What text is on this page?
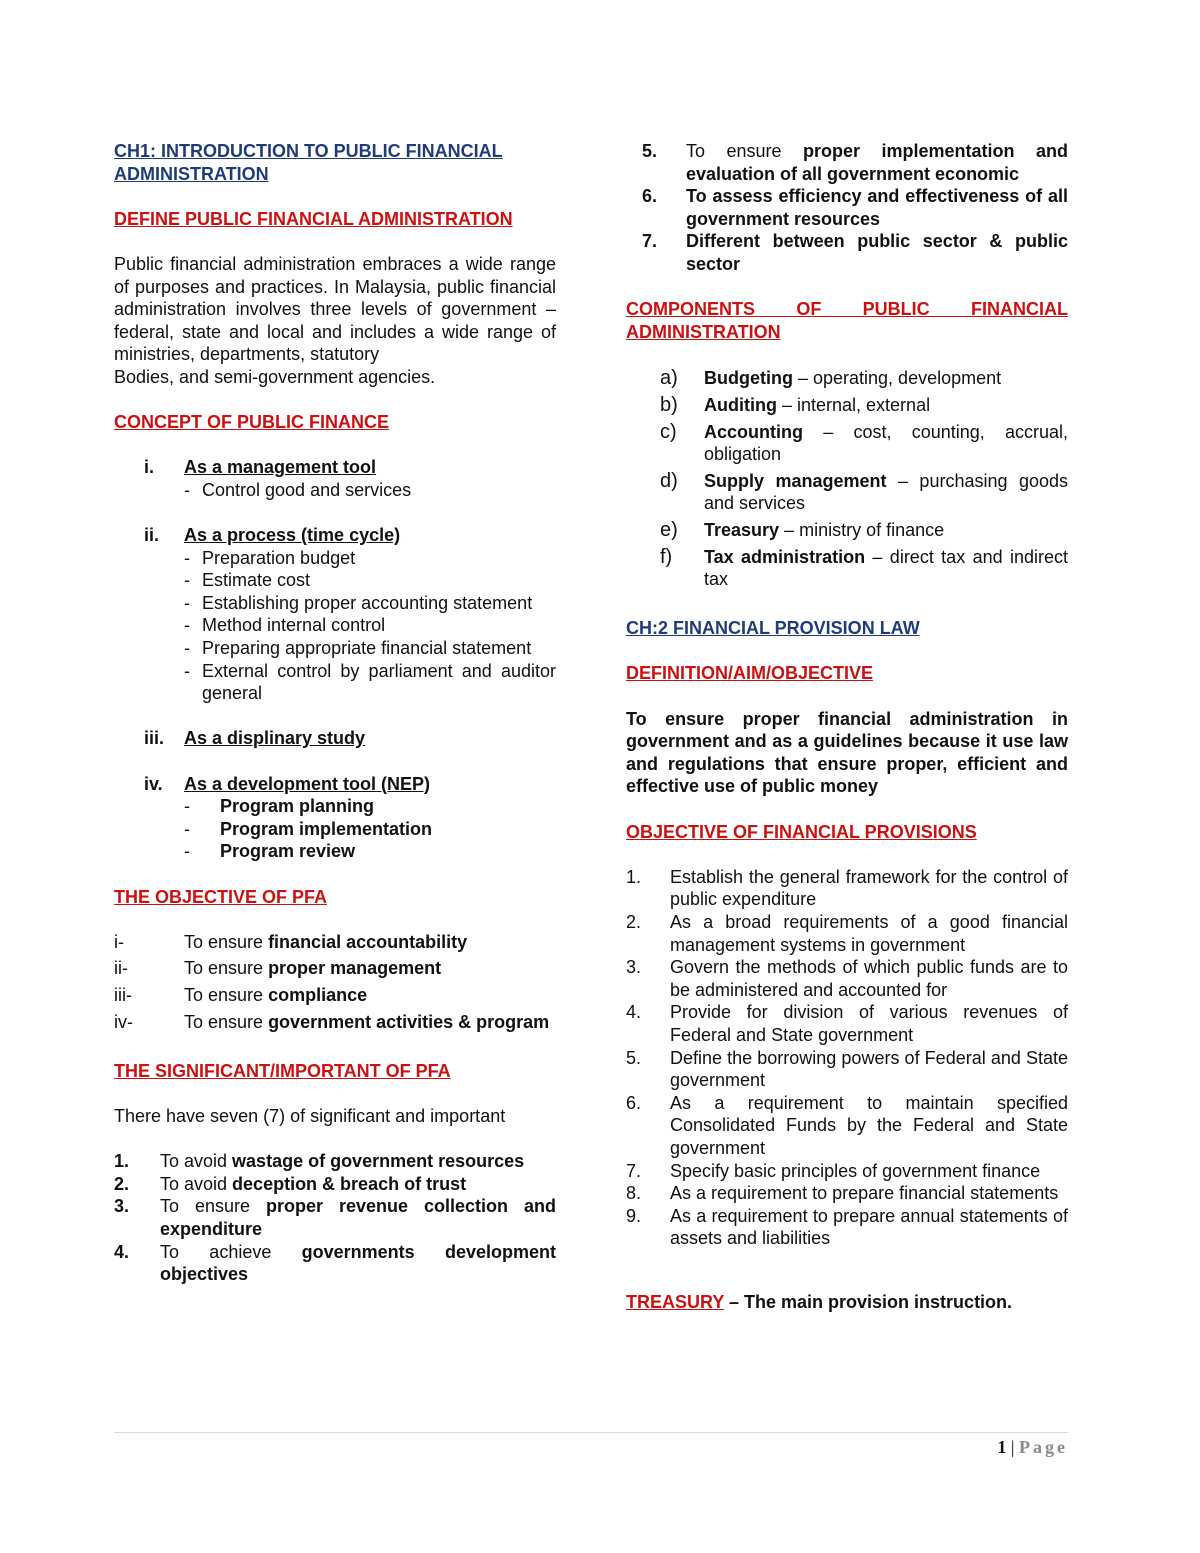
CH1: INTRODUCTION TO PUBLIC FINANCIAL ADMINISTRATION

DEFINE PUBLIC FINANCIAL ADMINISTRATION

Public financial administration embraces a wide range of purposes and practices. In Malaysia, public financial administration involves three levels of government – federal, state and local and includes a wide range of ministries, departments, statutory

Bodies, and semi-government agencies.

CONCEPT OF PUBLIC FINANCE

i.	As a management tool
- Control good and services
ii.	As a process (time cycle)
- Preparation budget
- Estimate cost
- Establishing proper accounting statement
- Method internal control
- Preparing appropriate financial statement
- External control by parliament and auditor general
iii.	As a displinary study
iv.	As a development tool (NEP)
-	Program planning
-	Program implementation
-	Program review

THE OBJECTIVE OF PFA

i-	To ensure financial accountability
ii-	To ensure proper management
iii-	To ensure compliance
iv-	To ensure government activities & program

THE SIGNIFICANT/IMPORTANT OF PFA

There have seven (7) of significant and important

1.	To avoid wastage of government resources
2.	To avoid deception & breach of trust
3.	To ensure proper revenue collection and expenditure
4.	To achieve governments development objectives
5.	To ensure proper implementation and evaluation of all government economic
6.	To assess efficiency and effectiveness of all government resources
7.	Different between public sector & public sector

COMPONENTS OF PUBLIC FINANCIAL ADMINISTRATION

a)	Budgeting – operating, development
b)	Auditing – internal, external
c)	Accounting – cost, counting, accrual, obligation
d)	Supply management – purchasing goods and services
e)	Treasury – ministry of finance
f)	Tax administration – direct tax and indirect tax

CH:2 FINANCIAL PROVISION LAW

DEFINITION/AIM/OBJECTIVE

To ensure proper financial administration in government and as a guidelines because it use law and regulations that ensure proper, efficient and effective use of public money

OBJECTIVE OF FINANCIAL PROVISIONS

1.	Establish the general framework for the control of public expenditure
2.	As a broad requirements of a good financial management systems in government
3.	Govern the methods of which public funds are to be administered and accounted for
4.	Provide for division of various revenues of Federal and State government
5.	Define the borrowing powers of Federal and State government
6.	As a requirement to maintain specified Consolidated Funds by the Federal and State government
7.	Specify basic principles of government finance
8.	As a requirement to prepare financial statements
9.	As a requirement to prepare annual statements of assets and liabilities

TREASURY – The main provision instruction.

1 | Page
